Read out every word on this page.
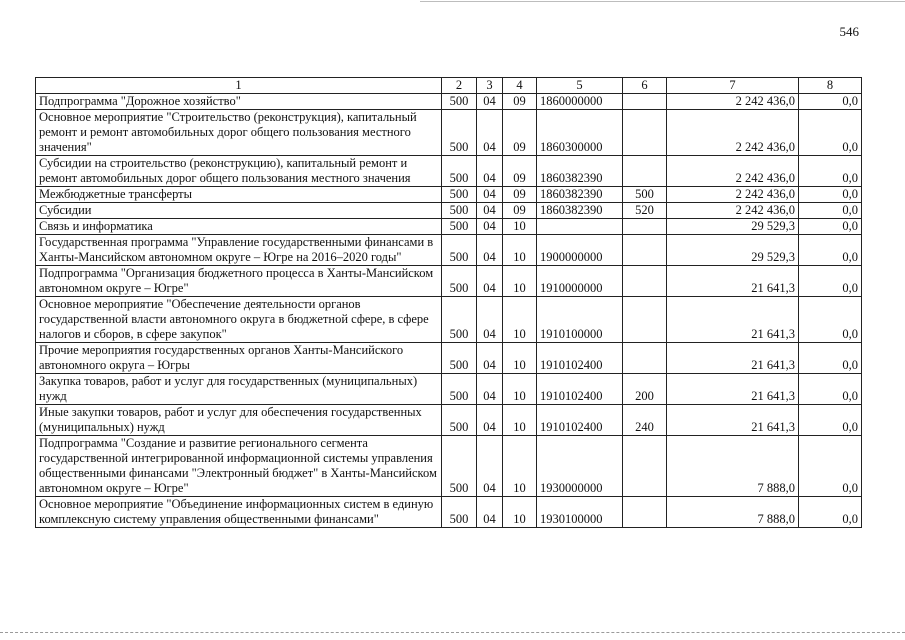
546
1	2	3	4	5	6	7	8
Подпрограмма "Дорожное хозяйство"	500	04	09	1860000000		2 242 436,0	0,0
Основное мероприятие "Строительство (реконструкция), капитальный ремонт и ремонт автомобильных дорог общего пользования местного значения"	500	04	09	1860300000		2 242 436,0	0,0
Субсидии на строительство (реконструкцию), капитальный ремонт и ремонт автомобильных дорог общего пользования местного значения	500	04	09	1860382390		2 242 436,0	0,0
Межбюджетные трансферты	500	04	09	1860382390	500	2 242 436,0	0,0
Субсидии	500	04	09	1860382390	520	2 242 436,0	0,0
Связь и информатика	500	04	10			29 529,3	0,0
Государственная программа "Управление государственными финансами в Ханты-Мансийском автономном округе – Югре на 2016–2020 годы"	500	04	10	1900000000		29 529,3	0,0
Подпрограмма "Организация бюджетного процесса в Ханты-Мансийском автономном округе – Югре"	500	04	10	1910000000		21 641,3	0,0
Основное мероприятие "Обеспечение деятельности органов государственной власти автономного округа в бюджетной сфере, в сфере налогов и сборов, в сфере закупок"	500	04	10	1910100000		21 641,3	0,0
Прочие мероприятия государственных органов Ханты-Мансийского автономного округа – Югры	500	04	10	1910102400		21 641,3	0,0
Закупка товаров, работ и услуг для государственных (муниципальных) нужд	500	04	10	1910102400	200	21 641,3	0,0
Иные закупки товаров, работ и услуг для обеспечения государственных (муниципальных) нужд	500	04	10	1910102400	240	21 641,3	0,0
Подпрограмма "Создание и развитие регионального сегмента государственной интегрированной информационной системы управления общественными финансами "Электронный бюджет" в Ханты-Мансийском автономном округе – Югре"	500	04	10	1930000000		7 888,0	0,0
Основное мероприятие "Объединение информационных систем в единую комплексную систему управления общественными финансами"	500	04	10	1930100000		7 888,0	0,0
